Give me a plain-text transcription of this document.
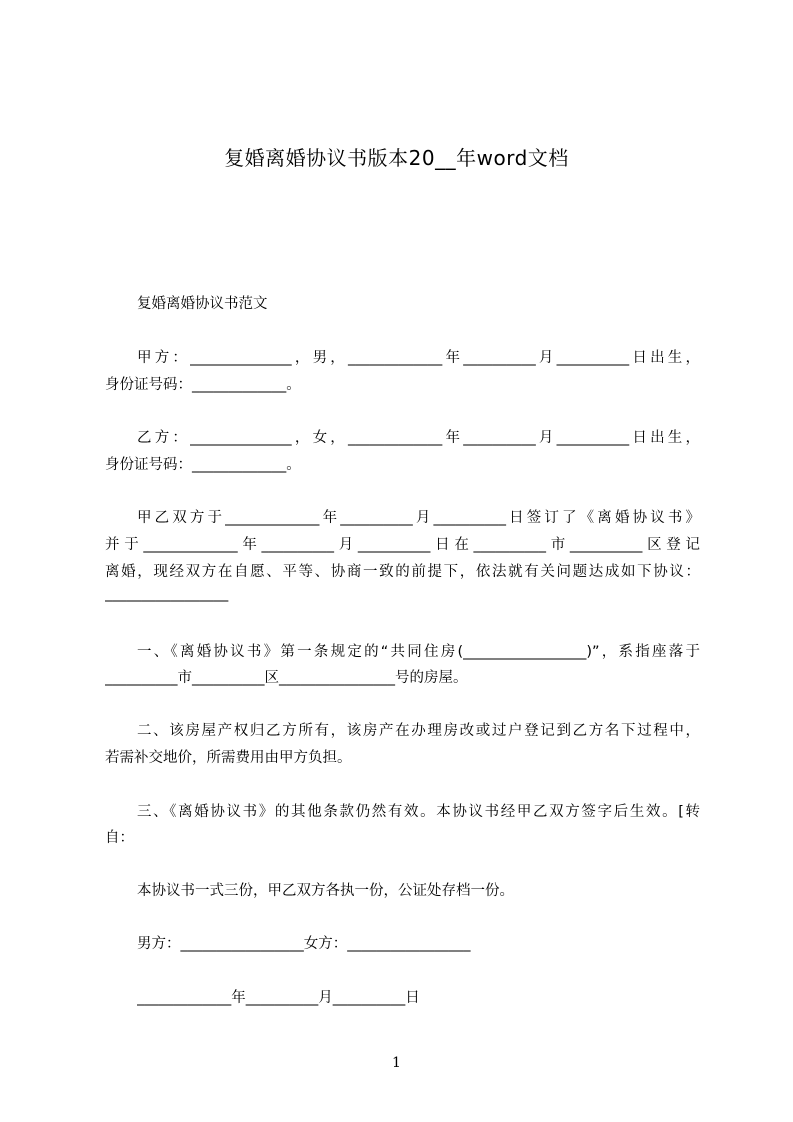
复婚离婚协议书版本20__年word文档
复婚离婚协议书范文
甲方：______________，男，_____________年__________月__________日出生，
身份证号码：_____________。
乙方：______________，女，_____________年__________月__________日出生，
身份证号码：_____________。
甲乙双方于_____________年__________月__________日签订了《离婚协议书》
并于_____________年__________月__________日在__________市__________区登记
离婚，现经双方在自愿、平等、协商一致的前提下，依法就有关问题达成如下协议：
_________________
一、《离婚协议书》第一条规定的“共同住房(_________________)”，系指座落于
__________市__________区________________号的房屋。
二、该房屋产权归乙方所有，该房产在办理房改或过户登记到乙方名下过程中，
若需补交地价，所需费用由甲方负担。
三、《离婚协议书》的其他条款仍然有效。本协议书经甲乙双方签字后生效。[转
自：
本协议书一式三份，甲乙双方各执一份，公证处存档一份。
男方：_________________女方：_________________
_____________年__________月__________日
1
